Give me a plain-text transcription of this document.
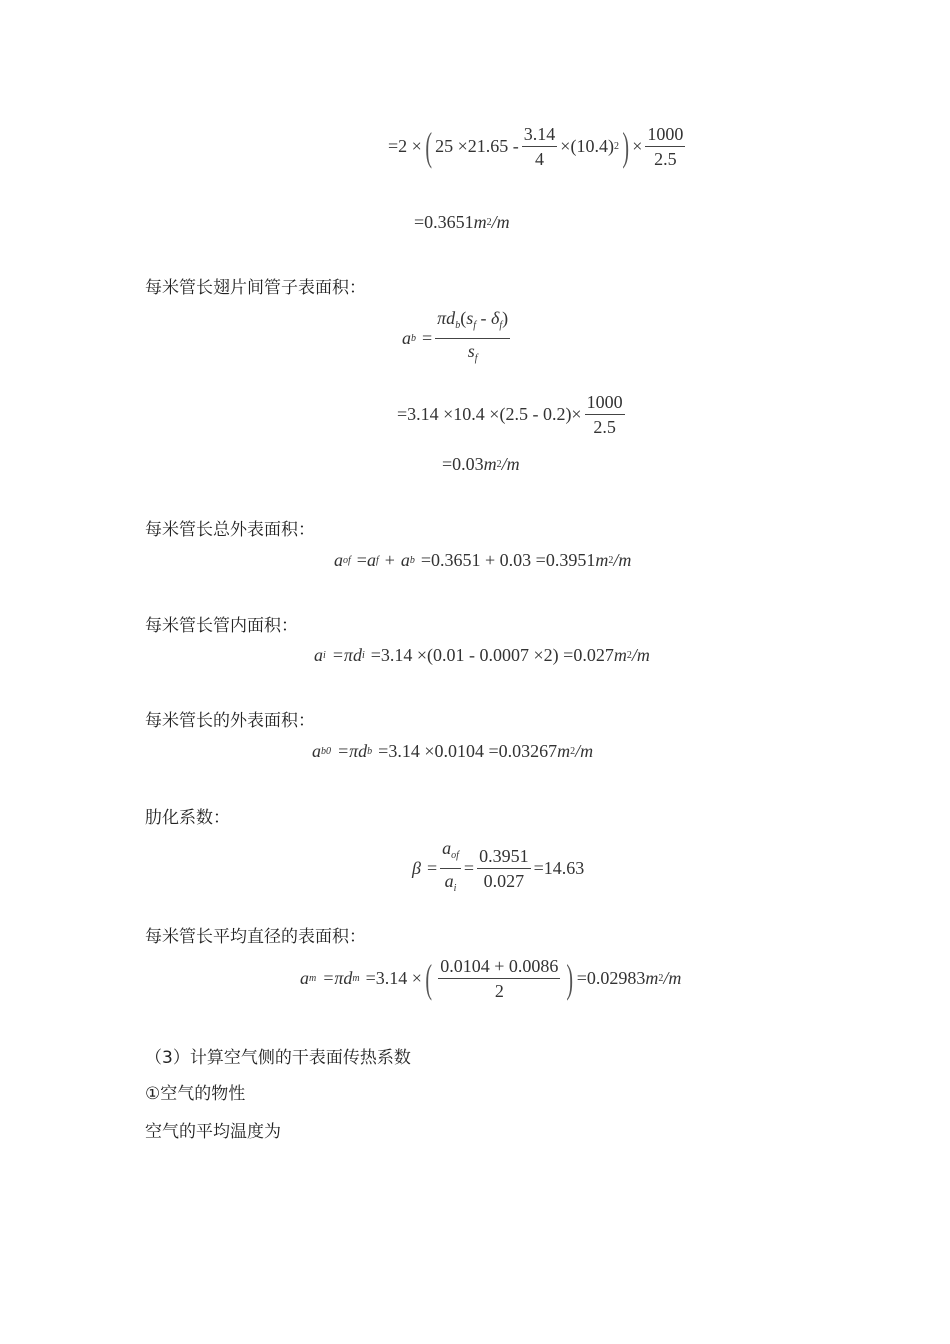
=2 × ( $25 \times 21.65 - \frac{3.14}{4} \times(10.4)$ 2 ) × $\frac{1000}{2.5}$
=0.3651 m 2 /m
每米管长翅片间管子表面积：
a $b = \frac{\pi d_b(s_f - \delta_f)}{s_f}$
$=3.14 \times 10.4 \times(2.5 - 0.2)\times \frac{1000}{2.5}$
=0.03 m 2 /m
每米管长总外表面积：
a of = a f + a b =0.3651 + 0.03 =0.3951 m 2 /m
每米管长管内面积：
a i =πd i =3.14 ×(0.01 - 0.0007 ×2) =0.027 m 2 /m
每米管长的外表面积：
a b0 =πd b =3.14 ×0.0104 =0.03267 m 2 /m
肋化系数：
$\beta = \frac{a_{of}}{a_i} = \frac{0.3951}{0.027} =14.63$
每米管长平均直径的表面积：
a m =πd m =3.14 × ( $\frac{0.0104 + 0.0086}{2}$ ) =0.02983 m 2 /m
（3）计算空气侧的干表面传热系数
①空气的物性
空气的平均温度为
